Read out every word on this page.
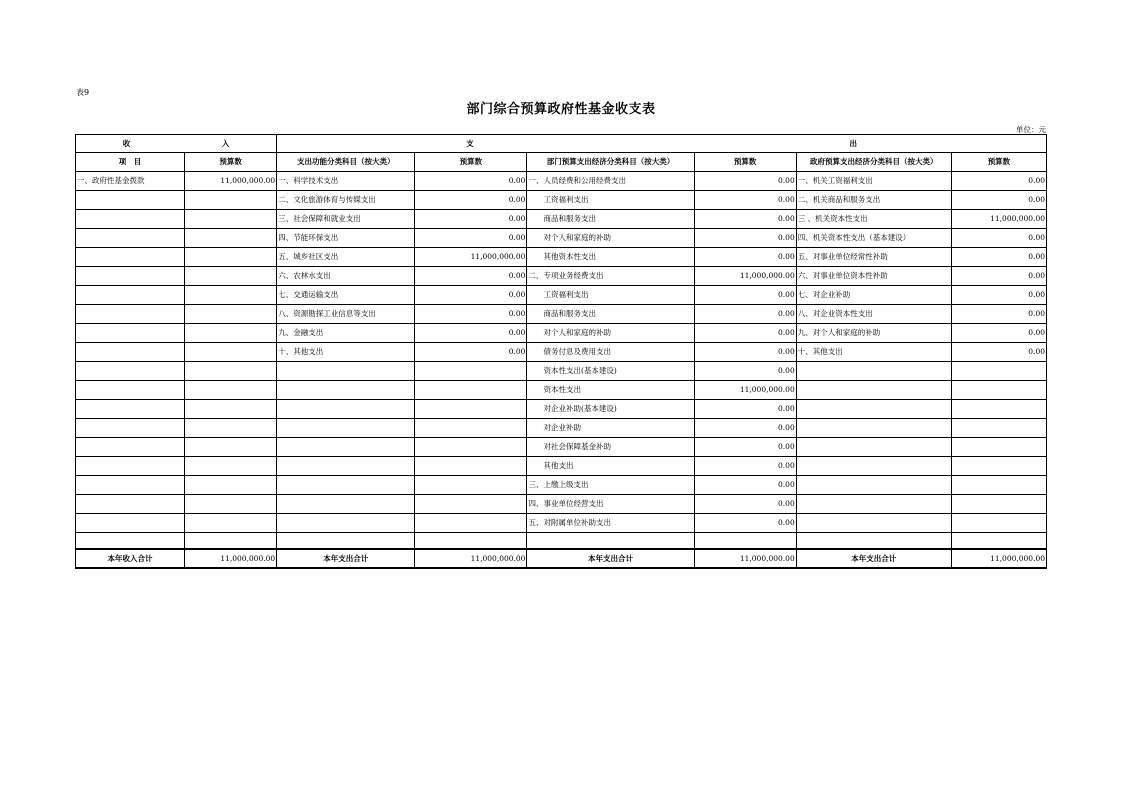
表9
部门综合预算政府性基金收支表
单位：元
收 入		支 出					

项　目	预算数	支出功能分类科目（按大类）	预算数	部门预算支出经济分类科目（按大类）	预算数	政府预算支出经济分类科目（按大类）	预算数
一、政府性基金拨款	11,000,000.00	一、科学技术支出	0.00	一、人员经费和公用经费支出	0.00	一、机关工资福利支出	0.00
		二、文化旅游体育与传媒支出	0.00	工资福利支出	0.00	二、机关商品和服务支出	0.00
		三、社会保障和就业支出	0.00	商品和服务支出	0.00	三 、机关资本性支出	11,000,000.00
		四、节能环保支出	0.00	对个人和家庭的补助	0.00	四、机关资本性支出（基本建设）	0.00
		五、城乡社区支出	11,000,000.00	其他资本性支出	0.00	五、对事业单位经常性补助	0.00
		六、农林水支出	0.00	二、专项业务经费支出	11,000,000.00	六、对事业单位资本性补助	0.00
		七、交通运输支出	0.00	工资福利支出	0.00	七、对企业补助	0.00
		八、资源勘探工业信息等支出	0.00	商品和服务支出	0.00	八、对企业资本性支出	0.00
		九、金融支出	0.00	对个人和家庭的补助	0.00	九、对个人和家庭的补助	0.00
		十、其他支出	0.00	债务付息及费用支出	0.00	十、其他支出	0.00
				资本性支出(基本建设)	0.00		
				资本性支出	11,000,000.00		
				对企业补助(基本建设)	0.00		
				对企业补助	0.00		
				对社会保障基金补助	0.00		
				其他支出	0.00		
				三、上缴上级支出	0.00		
				四、事业单位经营支出	0.00		
				五、对附属单位补助支出	0.00		

本年收入合计	11,000,000.00	本年支出合计	11,000,000.00	本年支出合计	11,000,000.00	本年支出合计	11,000,000.00
